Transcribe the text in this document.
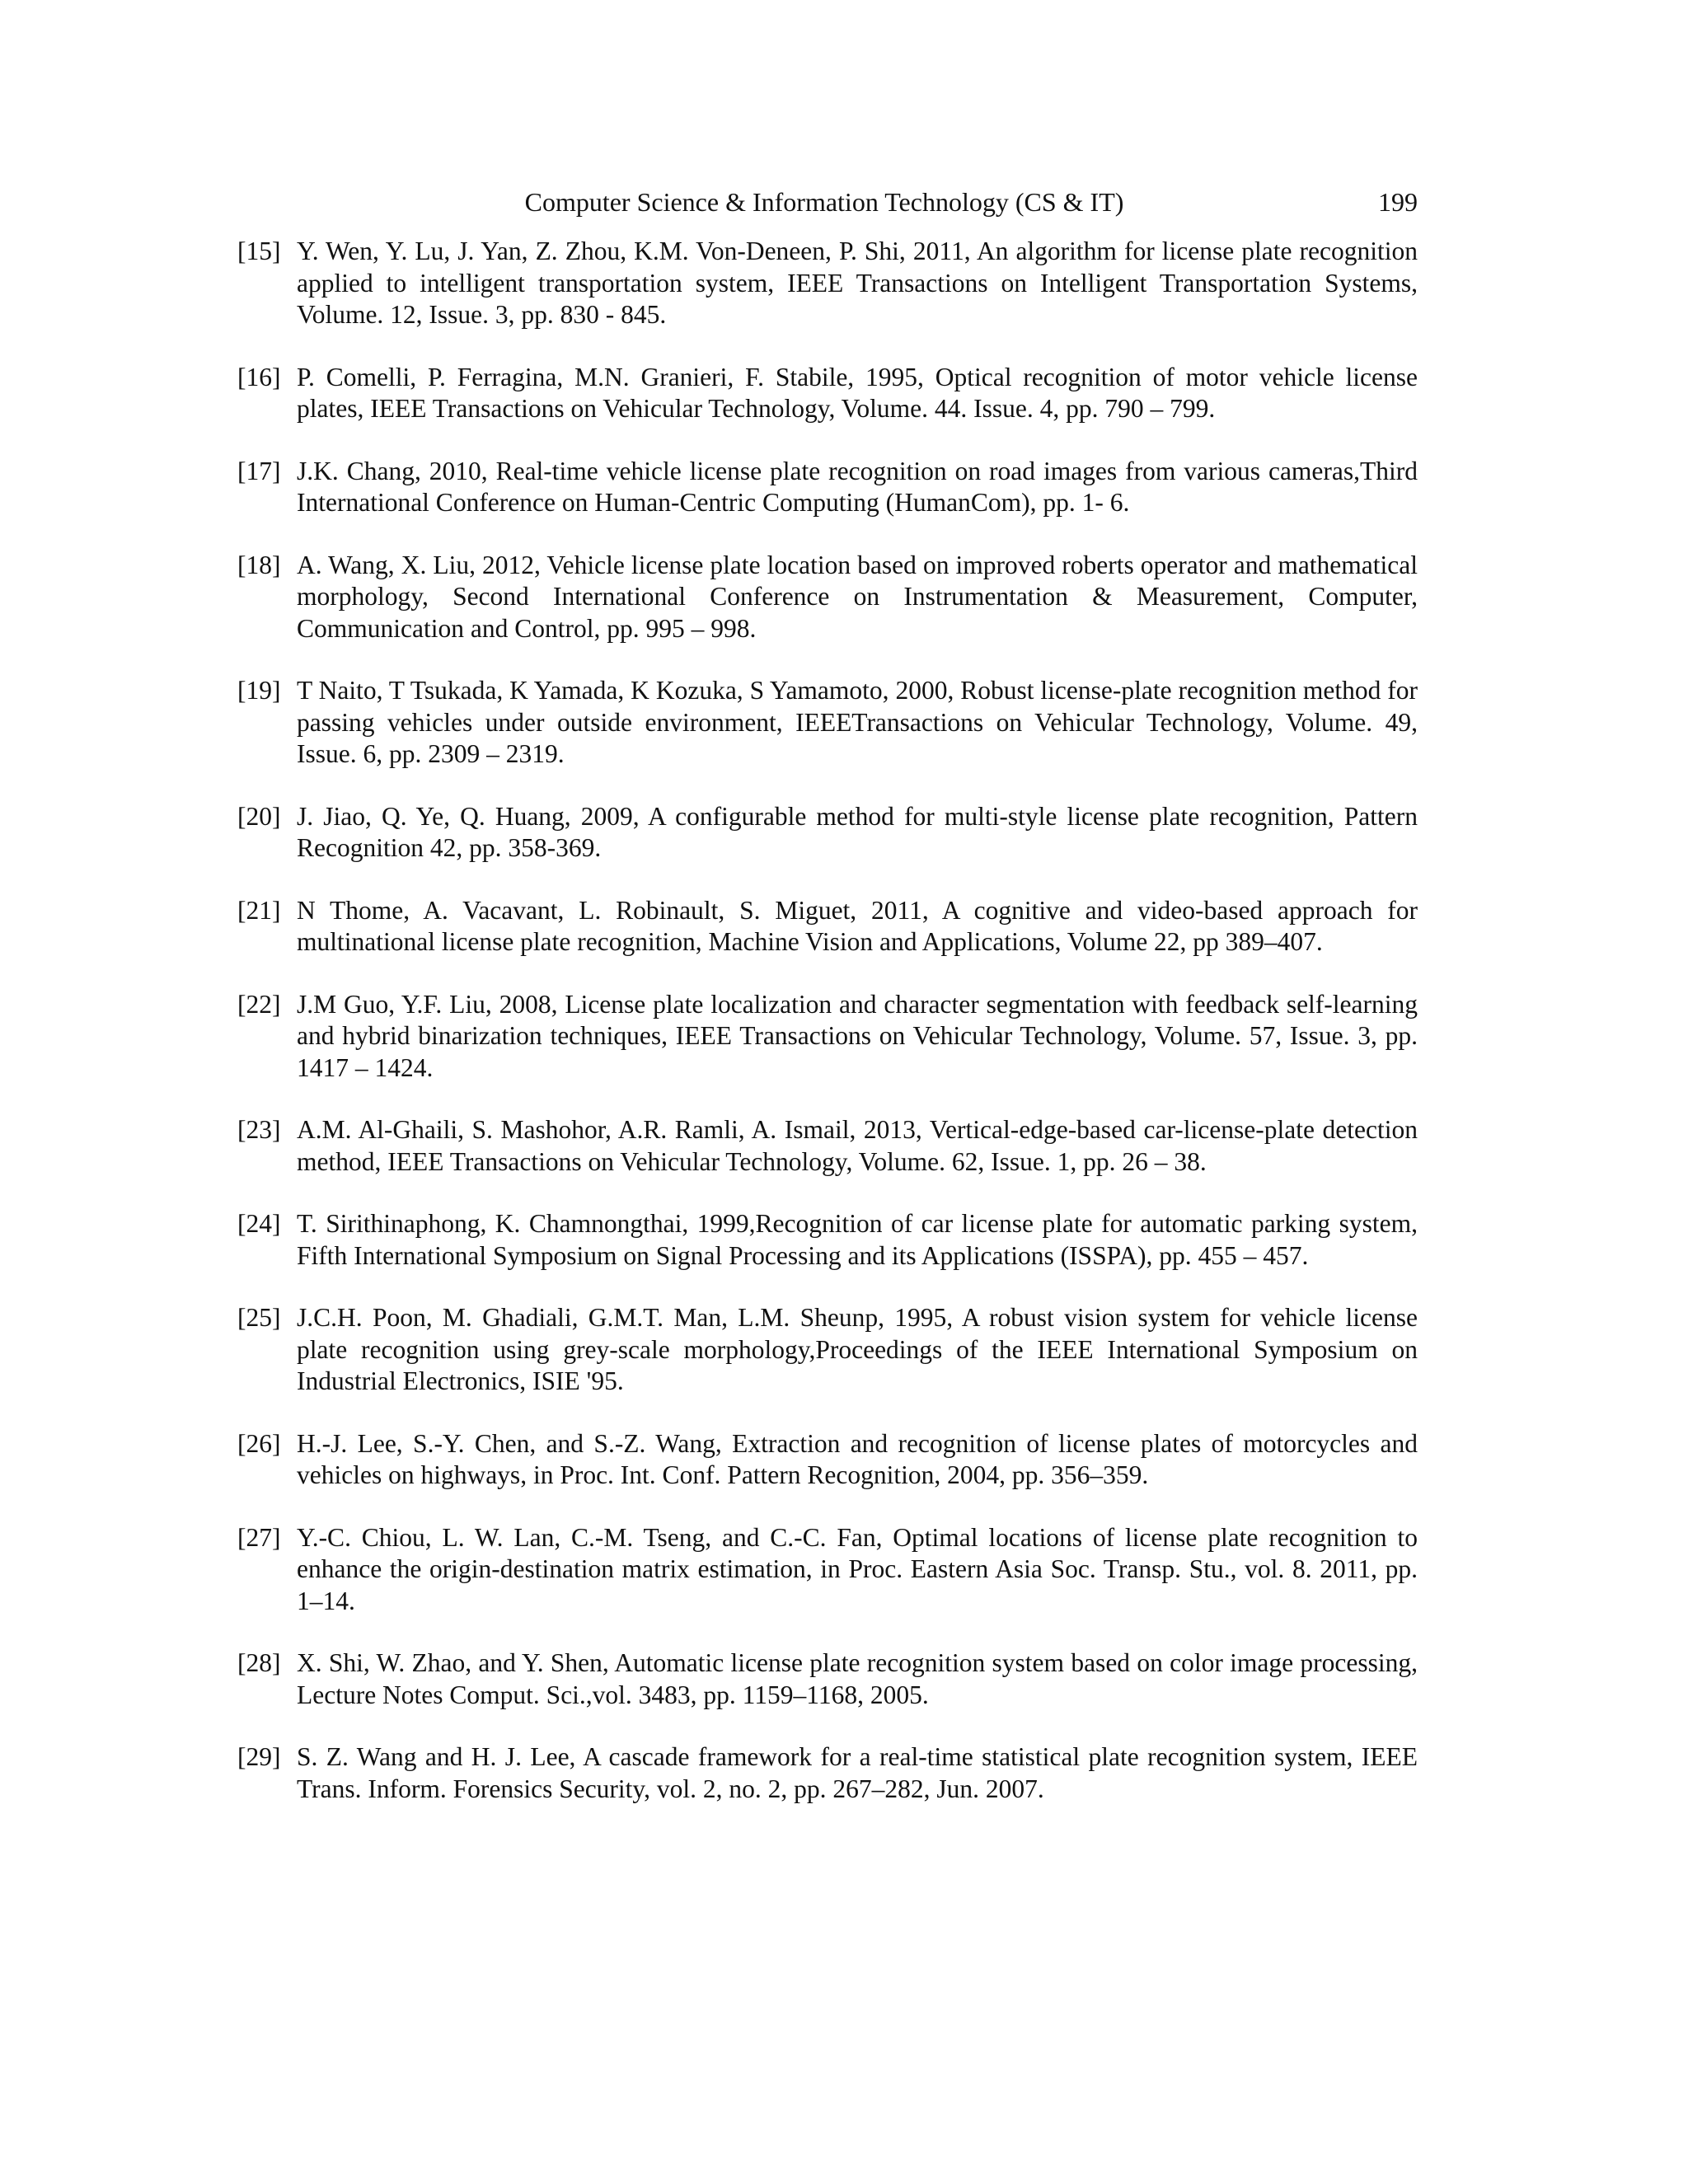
Computer Science & Information Technology (CS & IT)	199
[15] Y. Wen, Y. Lu, J. Yan, Z. Zhou, K.M. Von-Deneen, P. Shi, 2011, An algorithm for license plate recognition applied to intelligent transportation system, IEEE Transactions on Intelligent Transportation Systems, Volume. 12, Issue. 3, pp. 830 - 845.
[16] P. Comelli, P. Ferragina, M.N. Granieri, F. Stabile, 1995, Optical recognition of motor vehicle license plates, IEEE Transactions on Vehicular Technology, Volume. 44. Issue. 4, pp. 790 – 799.
[17] J.K. Chang, 2010, Real-time vehicle license plate recognition on road images from various cameras,Third International Conference on Human-Centric Computing (HumanCom), pp. 1- 6.
[18] A. Wang, X. Liu, 2012, Vehicle license plate location based on improved roberts operator and mathematical morphology, Second International Conference on Instrumentation & Measurement, Computer, Communication and Control, pp. 995 – 998.
[19] T Naito, T Tsukada, K Yamada, K Kozuka, S Yamamoto, 2000, Robust license-plate recognition method for passing vehicles under outside environment, IEEETransactions on Vehicular Technology, Volume. 49, Issue. 6, pp. 2309 – 2319.
[20] J. Jiao, Q. Ye, Q. Huang, 2009, A configurable method for multi-style license plate recognition, Pattern Recognition 42, pp. 358-369.
[21] N Thome, A. Vacavant, L. Robinault, S. Miguet, 2011, A cognitive and video-based approach for multinational license plate recognition, Machine Vision and Applications, Volume 22, pp 389–407.
[22] J.M Guo, Y.F. Liu, 2008, License plate localization and character segmentation with feedback self-learning and hybrid binarization techniques, IEEE Transactions on Vehicular Technology, Volume. 57, Issue. 3, pp. 1417 – 1424.
[23] A.M. Al-Ghaili, S. Mashohor, A.R. Ramli, A. Ismail, 2013, Vertical-edge-based car-license-plate detection method, IEEE Transactions on Vehicular Technology, Volume. 62, Issue. 1, pp. 26 – 38.
[24] T. Sirithinaphong, K. Chamnongthai, 1999,Recognition of car license plate for automatic parking system, Fifth International Symposium on Signal Processing and its Applications (ISSPA), pp. 455 – 457.
[25] J.C.H. Poon, M. Ghadiali, G.M.T. Man, L.M. Sheunp, 1995, A robust vision system for vehicle license plate recognition using grey-scale morphology,Proceedings of the IEEE International Symposium on Industrial Electronics, ISIE '95.
[26] H.-J. Lee, S.-Y. Chen, and S.-Z. Wang, Extraction and recognition of license plates of motorcycles and vehicles on highways, in Proc. Int. Conf. Pattern Recognition, 2004, pp. 356–359.
[27] Y.-C. Chiou, L. W. Lan, C.-M. Tseng, and C.-C. Fan, Optimal locations of license plate recognition to enhance the origin-destination matrix estimation, in Proc. Eastern Asia Soc. Transp. Stu., vol. 8. 2011, pp. 1–14.
[28] X. Shi, W. Zhao, and Y. Shen, Automatic license plate recognition system based on color image processing, Lecture Notes Comput. Sci.,vol. 3483, pp. 1159–1168, 2005.
[29] S. Z. Wang and H. J. Lee, A cascade framework for a real-time statistical plate recognition system, IEEE Trans. Inform. Forensics Security, vol. 2, no. 2, pp. 267–282, Jun. 2007.
